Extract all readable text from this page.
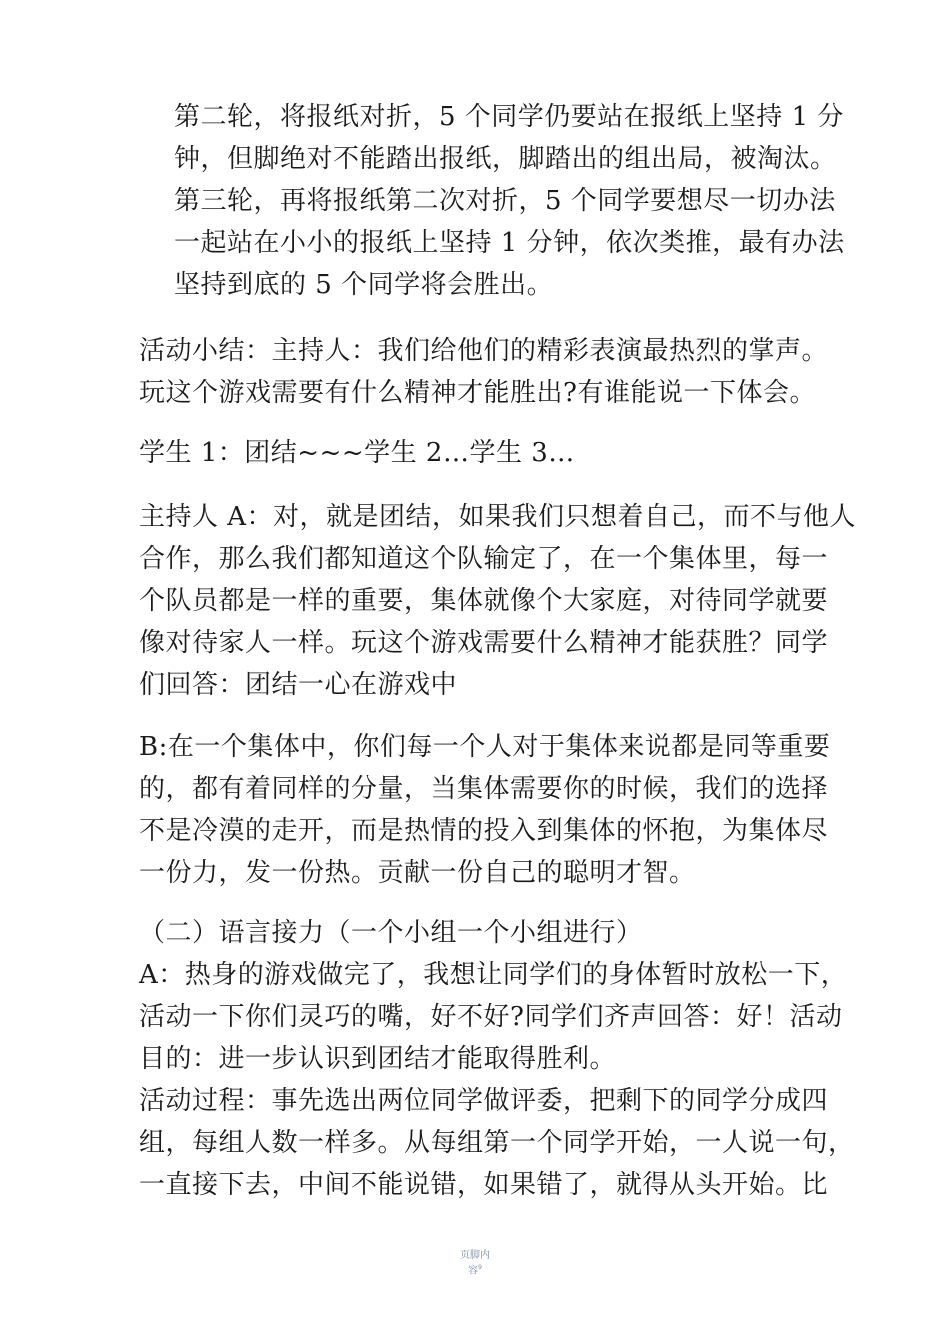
第二轮，将报纸对折，5 个同学仍要站在报纸上坚持 1 分
钟，但脚绝对不能踏出报纸，脚踏出的组出局，被淘汰。
第三轮，再将报纸第二次对折，5 个同学要想尽一切办法
一起站在小小的报纸上坚持 1 分钟，依次类推，最有办法
坚持到底的 5 个同学将会胜出。
活动小结：主持人：我们给他们的精彩表演最热烈的掌声。
玩这个游戏需要有什么精神才能胜出?有谁能说一下体会。
学生 1：团结~~~学生 2…学生 3…
主持人 A：对，就是团结，如果我们只想着自己，而不与他人
合作，那么我们都知道这个队输定了，在一个集体里，每一
个队员都是一样的重要，集体就像个大家庭，对待同学就要
像对待家人一样。玩这个游戏需要什么精神才能获胜？同学
们回答：团结一心在游戏中
B:在一个集体中，你们每一个人对于集体来说都是同等重要
的，都有着同样的分量，当集体需要你的时候，我们的选择
不是冷漠的走开，而是热情的投入到集体的怀抱，为集体尽
一份力，发一份热。贡献一份自己的聪明才智。
（二）语言接力（一个小组一个小组进行）
A：热身的游戏做完了，我想让同学们的身体暂时放松一下，
活动一下你们灵巧的嘴，好不好?同学们齐声回答：好！活动
目的：进一步认识到团结才能取得胜利。
活动过程：事先选出两位同学做评委，把剩下的同学分成四
组，每组人数一样多。从每组第一个同学开始，一人说一句，
一直接下去，中间不能说错，如果错了，就得从头开始。比
页脚内
容$^9$
